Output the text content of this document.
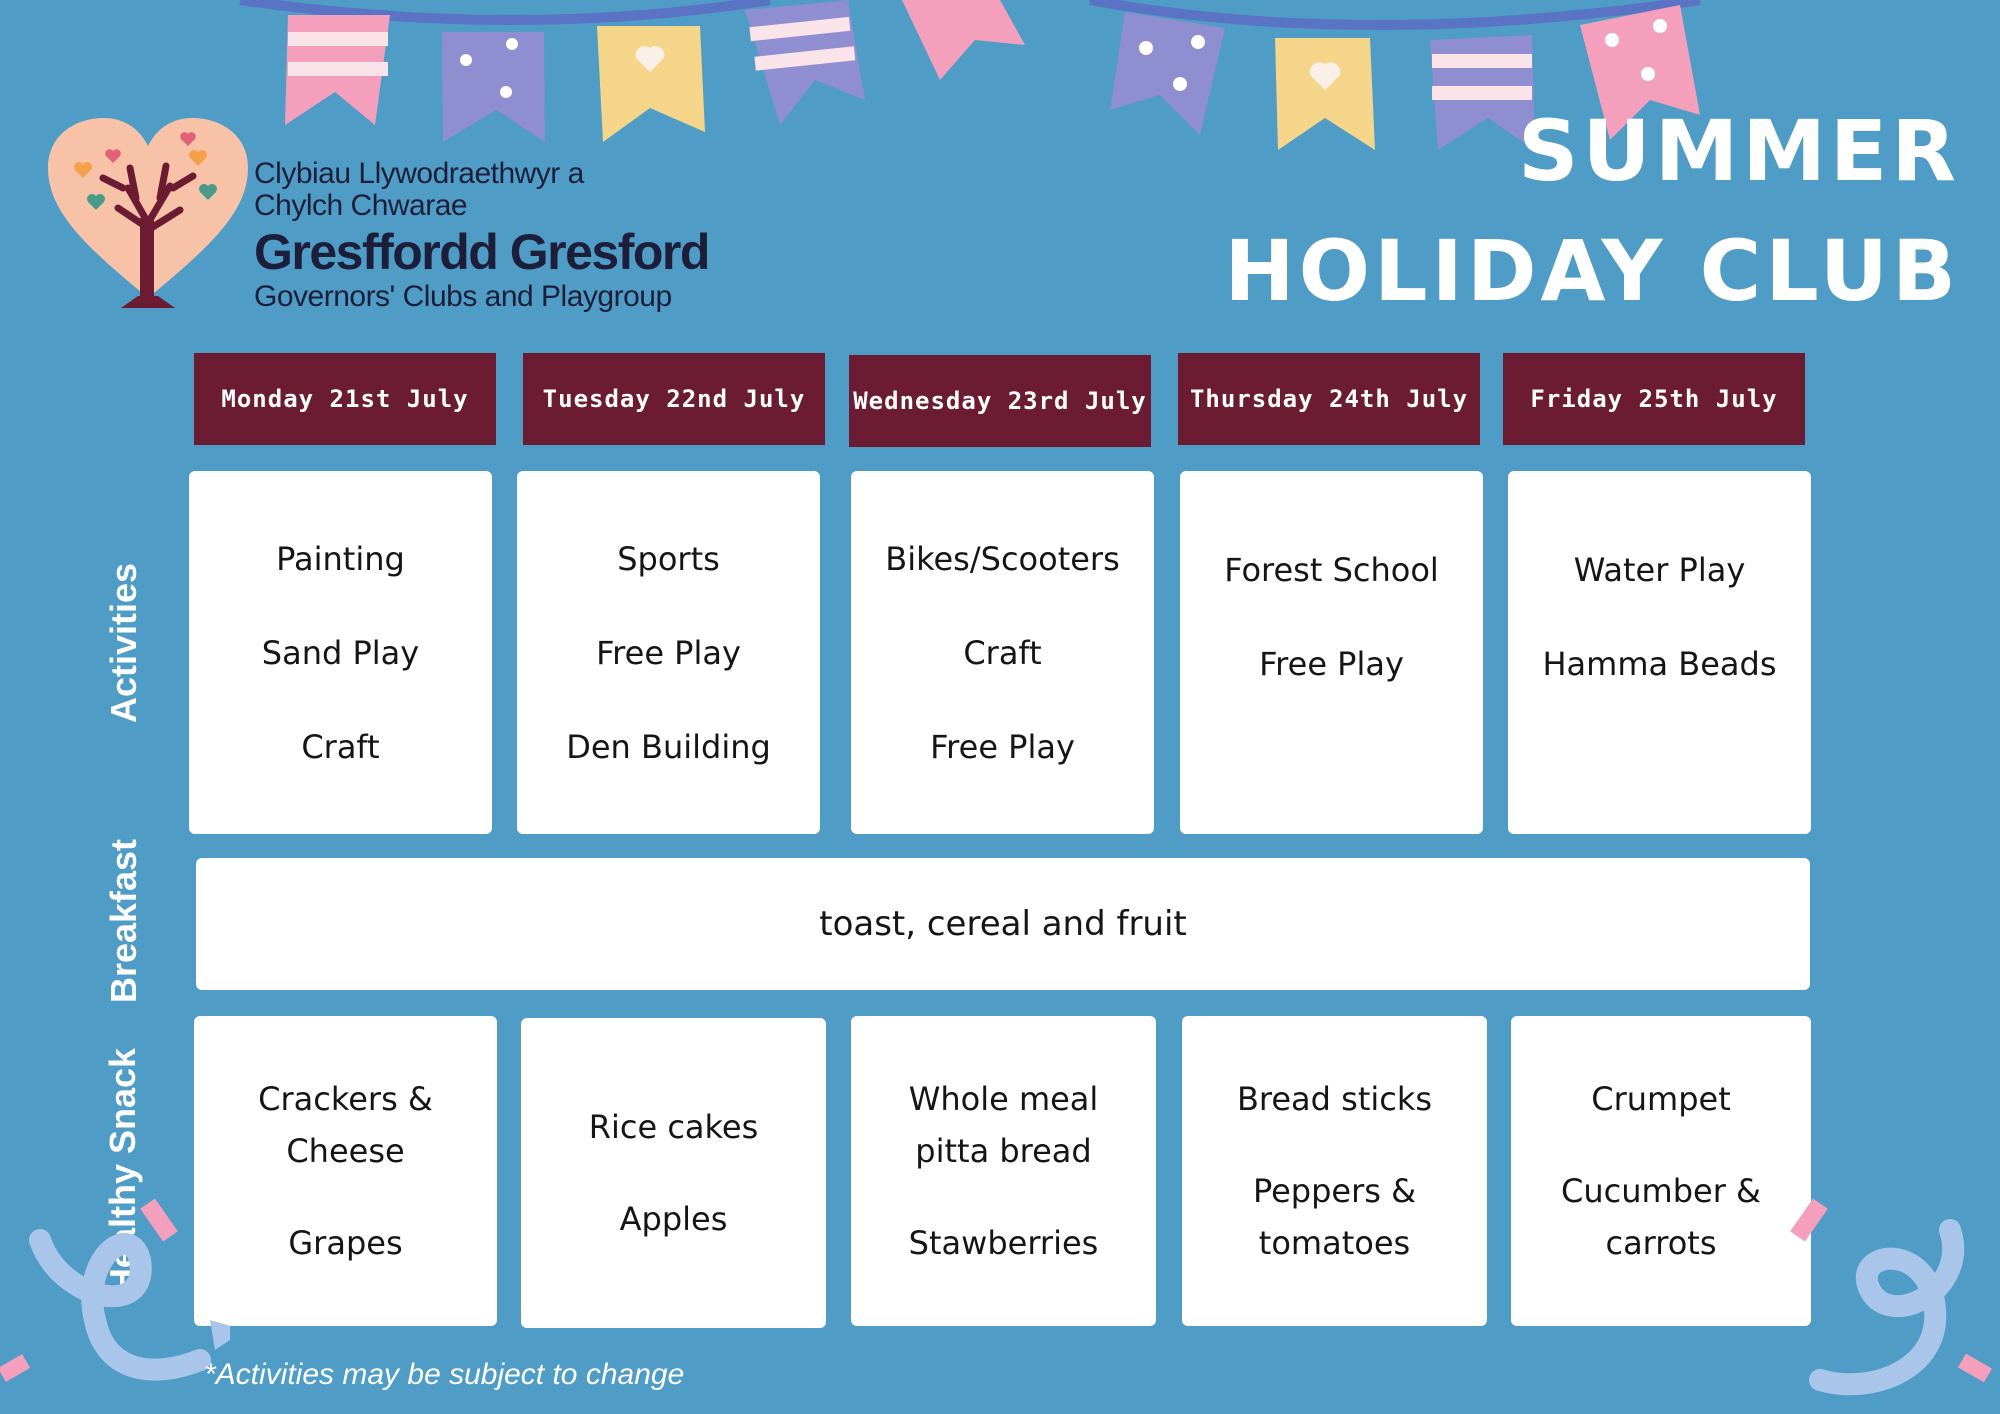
Clybiau Llywodraethwyr a
Chylch Chwarae
Gresffordd Gresford
Governors' Clubs and Playgroup
SUMMER
HOLIDAY CLUB
Monday 21st July	Tuesday 22nd July Wednesday 23rd July Thursday 24th July	Friday 25th July
Activities
Breakfast
Healthy Snack
Painting
Sand Play
Craft
Sports
Free Play
Den Building
Bikes/Scooters
Craft
Free Play
Forest School
Free Play
Water Play
Hamma Beads
toast, cereal and fruit
Crackers & Cheese
Grapes
Rice cakes
Apples
Whole meal
pitta bread
Stawberries
Bread sticks
Peppers &
tomatoes
Crumpet
Cucumber &
carrots
*Activities may be subject to change
